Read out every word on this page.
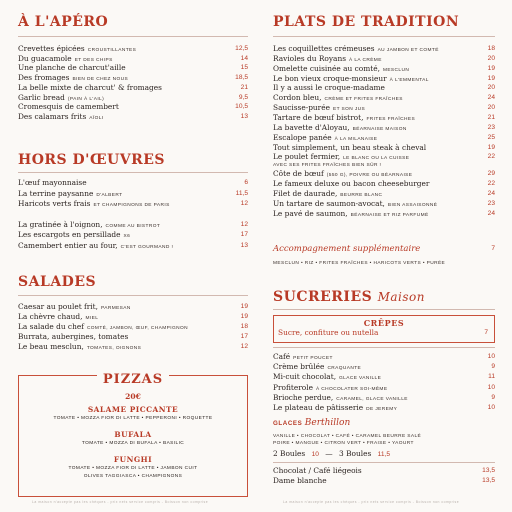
À L'APÉRO
Crevettes épicées CROUSTILLANTES	12,5
Du guacamole ET DES CHIPS	14
Une planche de charcut'aille	15
Des fromages BIEN DE CHEZ NOUS	18,5
La belle mixte de charcut' & fromages	21
Garlic bread (PAIN À L'AIL)	9,5
Cromesquis de camembert	10,5
Des calamars frits AÏOLI	13
HORS D'ŒUVRES
L'œuf mayonnaise	6
La terrine paysanne D'ALBERT	11,5
Haricots verts frais ET CHAMPIGNONS DE PARIS	12
La gratinée à l'oignon, COMME AU BISTROT	12
Les escargots en persillade X6	17
Camembert entier au four, C'EST GOURMAND !	13
SALADES
Caesar au poulet frit, PARMESAN	19
La chèvre chaud, MIEL	19
La salade du chef COMTÉ, JAMBON, ŒUF, CHAMPIGNON	18
Burrata, aubergines, tomates	17
Le beau mesclun, TOMATES, OIGNONS	12
PIZZAS
20€
SALAME PICCANTE
TOMATE • MOZZA FIOR DI LATTE • PEPPERONI • ROQUETTE
BUFALA
TOMATE • MOZZA DI BUFALA • BASILIC
FUNGHI
TOMATE • MOZZA FIOR DI LATTE • JAMBON CUIT
OLIVES TAGGIASCA • CHAMPIGNONS
La maison n'accepte pas les chèques - prix nets service compris - Boisson non comprise
PLATS DE TRADITION
Les coquillettes crémeuses AU JAMBON ET COMTÉ	18
Ravioles du Royans À LA CRÈME	20
Omelette cuisinée au comté, MESCLUN	19
Le bon vieux croque-monsieur À L'EMMENTAL	19
Il y a aussi le croque-madame	20
Cordon bleu, CRÈME ET FRITES FRAÎCHES	24
Saucisse-purée ET SON JUS	20
Tartare de bœuf bistrot, FRITES FRAÎCHES	21
La bavette d'Aloyau, BÉARNAISE MAISON	23
Escalope panée À LA MILANAISE	25
Tout simplement, un beau steak à cheval	19
Le poulet fermier, LE BLANC OU LA CUISSE	22
AVEC SES FRITES FRAÎCHES BIEN SÛR !
Côte de bœuf (550 G), POIVRE OU BÉARNAISE	29
Le fameux deluxe ou bacon cheeseburger	22
Filet de daurade, BEURRE BLANC	24
Un tartare de saumon-avocat, BIEN ASSAISONNÉ	23
Le pavé de saumon, BÉARNAISE ET RIZ PARFUMÉ	24
Accompagnement supplémentaire	7
MESCLUN • RIZ • FRITES FRAÎCHES • HARICOTS VERTS • PURÉE
SUCRERIES Maison
CRÊPES
Sucre, confiture ou nutella	7
Café PETIT POUCET	10
Crème brûlée CRAQUANTE	9
Mi-cuit chocolat, GLACE VANILLE	11
Profiterole À CHOCOLATER SOI-MÊME	10
Brioche perdue, CARAMEL, GLACE VANILLE	9
Le plateau de pâtisserie DE JEREMY	10
GLACES Berthillon
VANILLE • CHOCOLAT • CAFÉ • CARAMEL BEURRE SALÉ
POIRE • MANGUE • CITRON VERT • FRAISE • YAOURT
2 Boules 10 — 3 Boules 11,5
Chocolat / Café liégeois	13,5
Dame blanche	13,5
La maison n'accepte pas les chèques - prix nets service compris - Boisson non comprise
